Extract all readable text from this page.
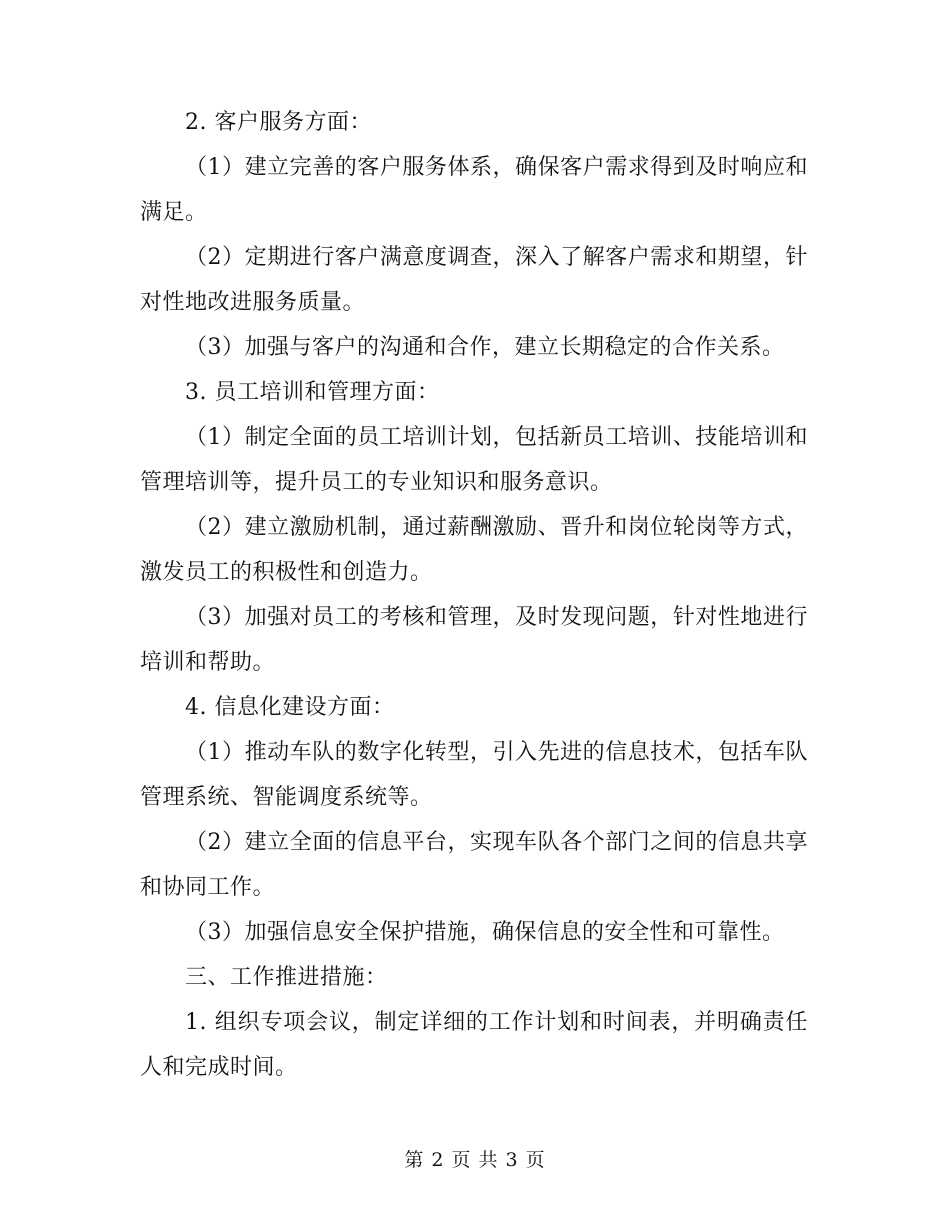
2. 客户服务方面：

（1）建立完善的客户服务体系，确保客户需求得到及时响应和满足。

（2）定期进行客户满意度调查，深入了解客户需求和期望，针对性地改进服务质量。

（3）加强与客户的沟通和合作，建立长期稳定的合作关系。

3. 员工培训和管理方面：

（1）制定全面的员工培训计划，包括新员工培训、技能培训和管理培训等，提升员工的专业知识和服务意识。

（2）建立激励机制，通过薪酬激励、晋升和岗位轮岗等方式，激发员工的积极性和创造力。

（3）加强对员工的考核和管理，及时发现问题，针对性地进行培训和帮助。

4. 信息化建设方面：

（1）推动车队的数字化转型，引入先进的信息技术，包括车队管理系统、智能调度系统等。

（2）建立全面的信息平台，实现车队各个部门之间的信息共享和协同工作。

（3）加强信息安全保护措施，确保信息的安全性和可靠性。

三、工作推进措施：

1. 组织专项会议，制定详细的工作计划和时间表，并明确责任人和完成时间。

第 2 页 共 3 页
